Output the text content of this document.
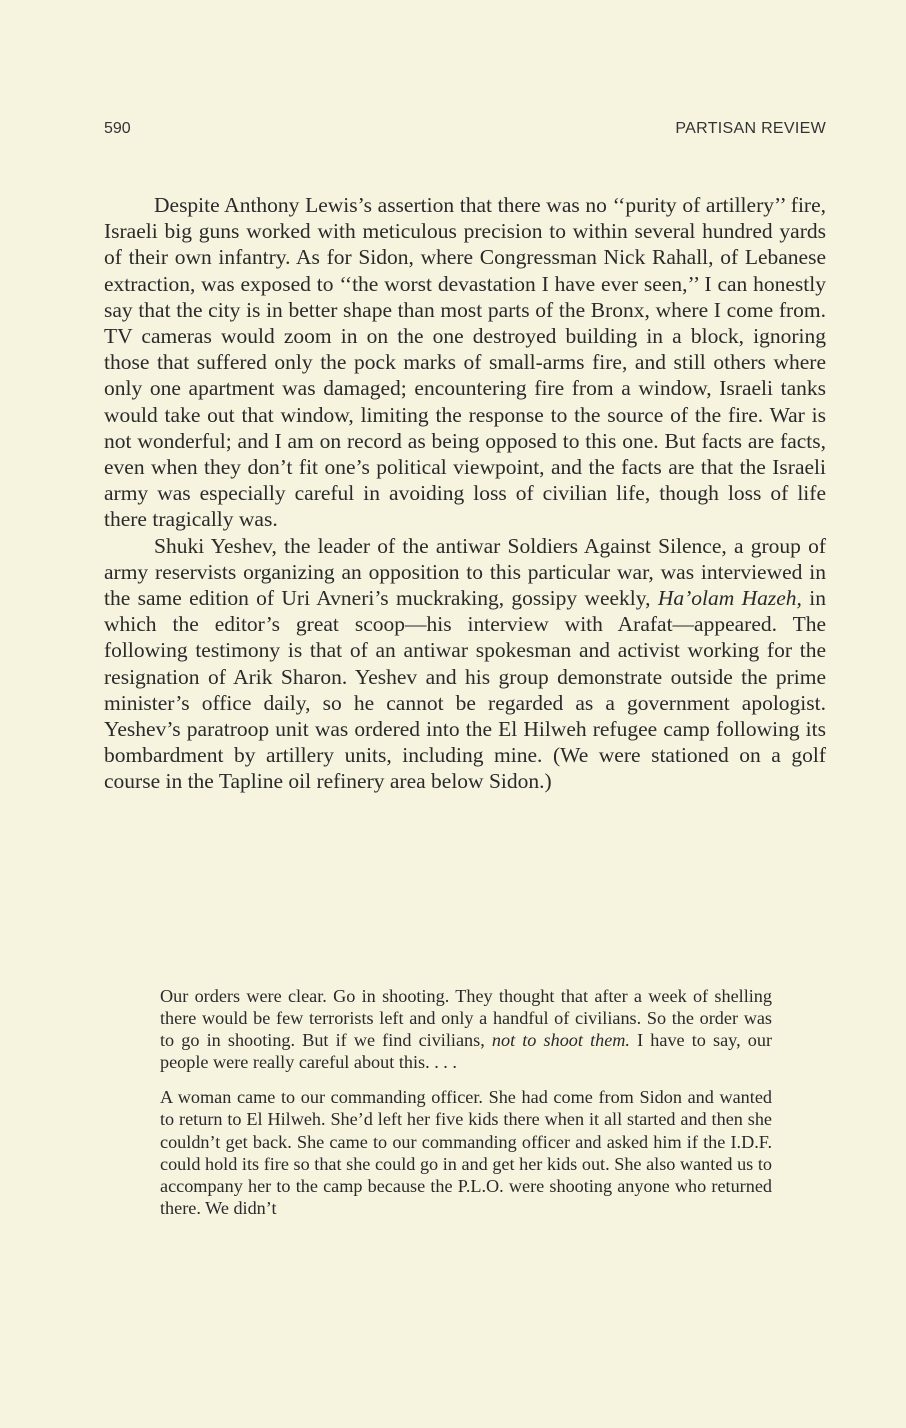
590	PARTISAN REVIEW

Despite Anthony Lewis’s assertion that there was no ‘‘purity of artillery’’ fire, Israeli big guns worked with meticulous precision to within several hundred yards of their own infantry. As for Sidon, where Congressman Nick Rahall, of Lebanese extraction, was exposed to ‘‘the worst devastation I have ever seen,’’ I can honestly say that the city is in better shape than most parts of the Bronx, where I come from. TV cameras would zoom in on the one destroyed building in a block, ignoring those that suffered only the pock marks of small-arms fire, and still others where only one apartment was damaged; encountering fire from a window, Israeli tanks would take out that window, limiting the response to the source of the fire. War is not wonderful; and I am on record as being opposed to this one. But facts are facts, even when they don’t fit one’s political viewpoint, and the facts are that the Israeli army was especially careful in avoiding loss of civilian life, though loss of life there tragically was.

Shuki Yeshev, the leader of the antiwar Soldiers Against Silence, a group of army reservists organizing an opposition to this particular war, was interviewed in the same edition of Uri Avneri’s muckraking, gossipy weekly, Ha’olam Hazeh, in which the editor’s great scoop—his interview with Arafat—appeared. The following testimony is that of an antiwar spokesman and activist working for the resignation of Arik Sharon. Yeshev and his group demonstrate outside the prime minister’s office daily, so he cannot be regarded as a government apologist. Yeshev’s paratroop unit was ordered into the El Hilweh refugee camp following its bombardment by artillery units, including mine. (We were stationed on a golf course in the Tapline oil refinery area below Sidon.)

Our orders were clear. Go in shooting. They thought that after a week of shelling there would be few terrorists left and only a handful of civilians. So the order was to go in shooting. But if we find civilians, not to shoot them. I have to say, our people were really careful about this. . . .

A woman came to our commanding officer. She had come from Sidon and wanted to return to El Hilweh. She’d left her five kids there when it all started and then she couldn’t get back. She came to our commanding officer and asked him if the I.D.F. could hold its fire so that she could go in and get her kids out. She also wanted us to accompany her to the camp because the P.L.O. were shooting anyone who returned there. We didn’t
